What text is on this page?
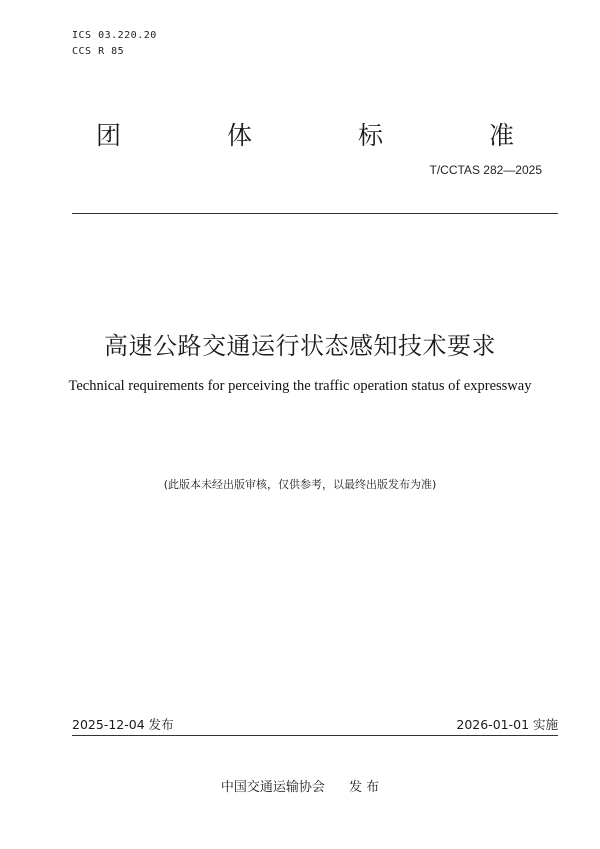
ICS 03.220.20
CCS R 85
团	体	标	准
T/CCTAS 282—2025
高速公路交通运行状态感知技术要求
Technical requirements for perceiving the traffic operation status of expressway
(此版本未经出版审核，仅供参考，以最终出版发布为准)
2025-12-04 发布	2026-01-01 实施
中国交通运输协会 发 布
